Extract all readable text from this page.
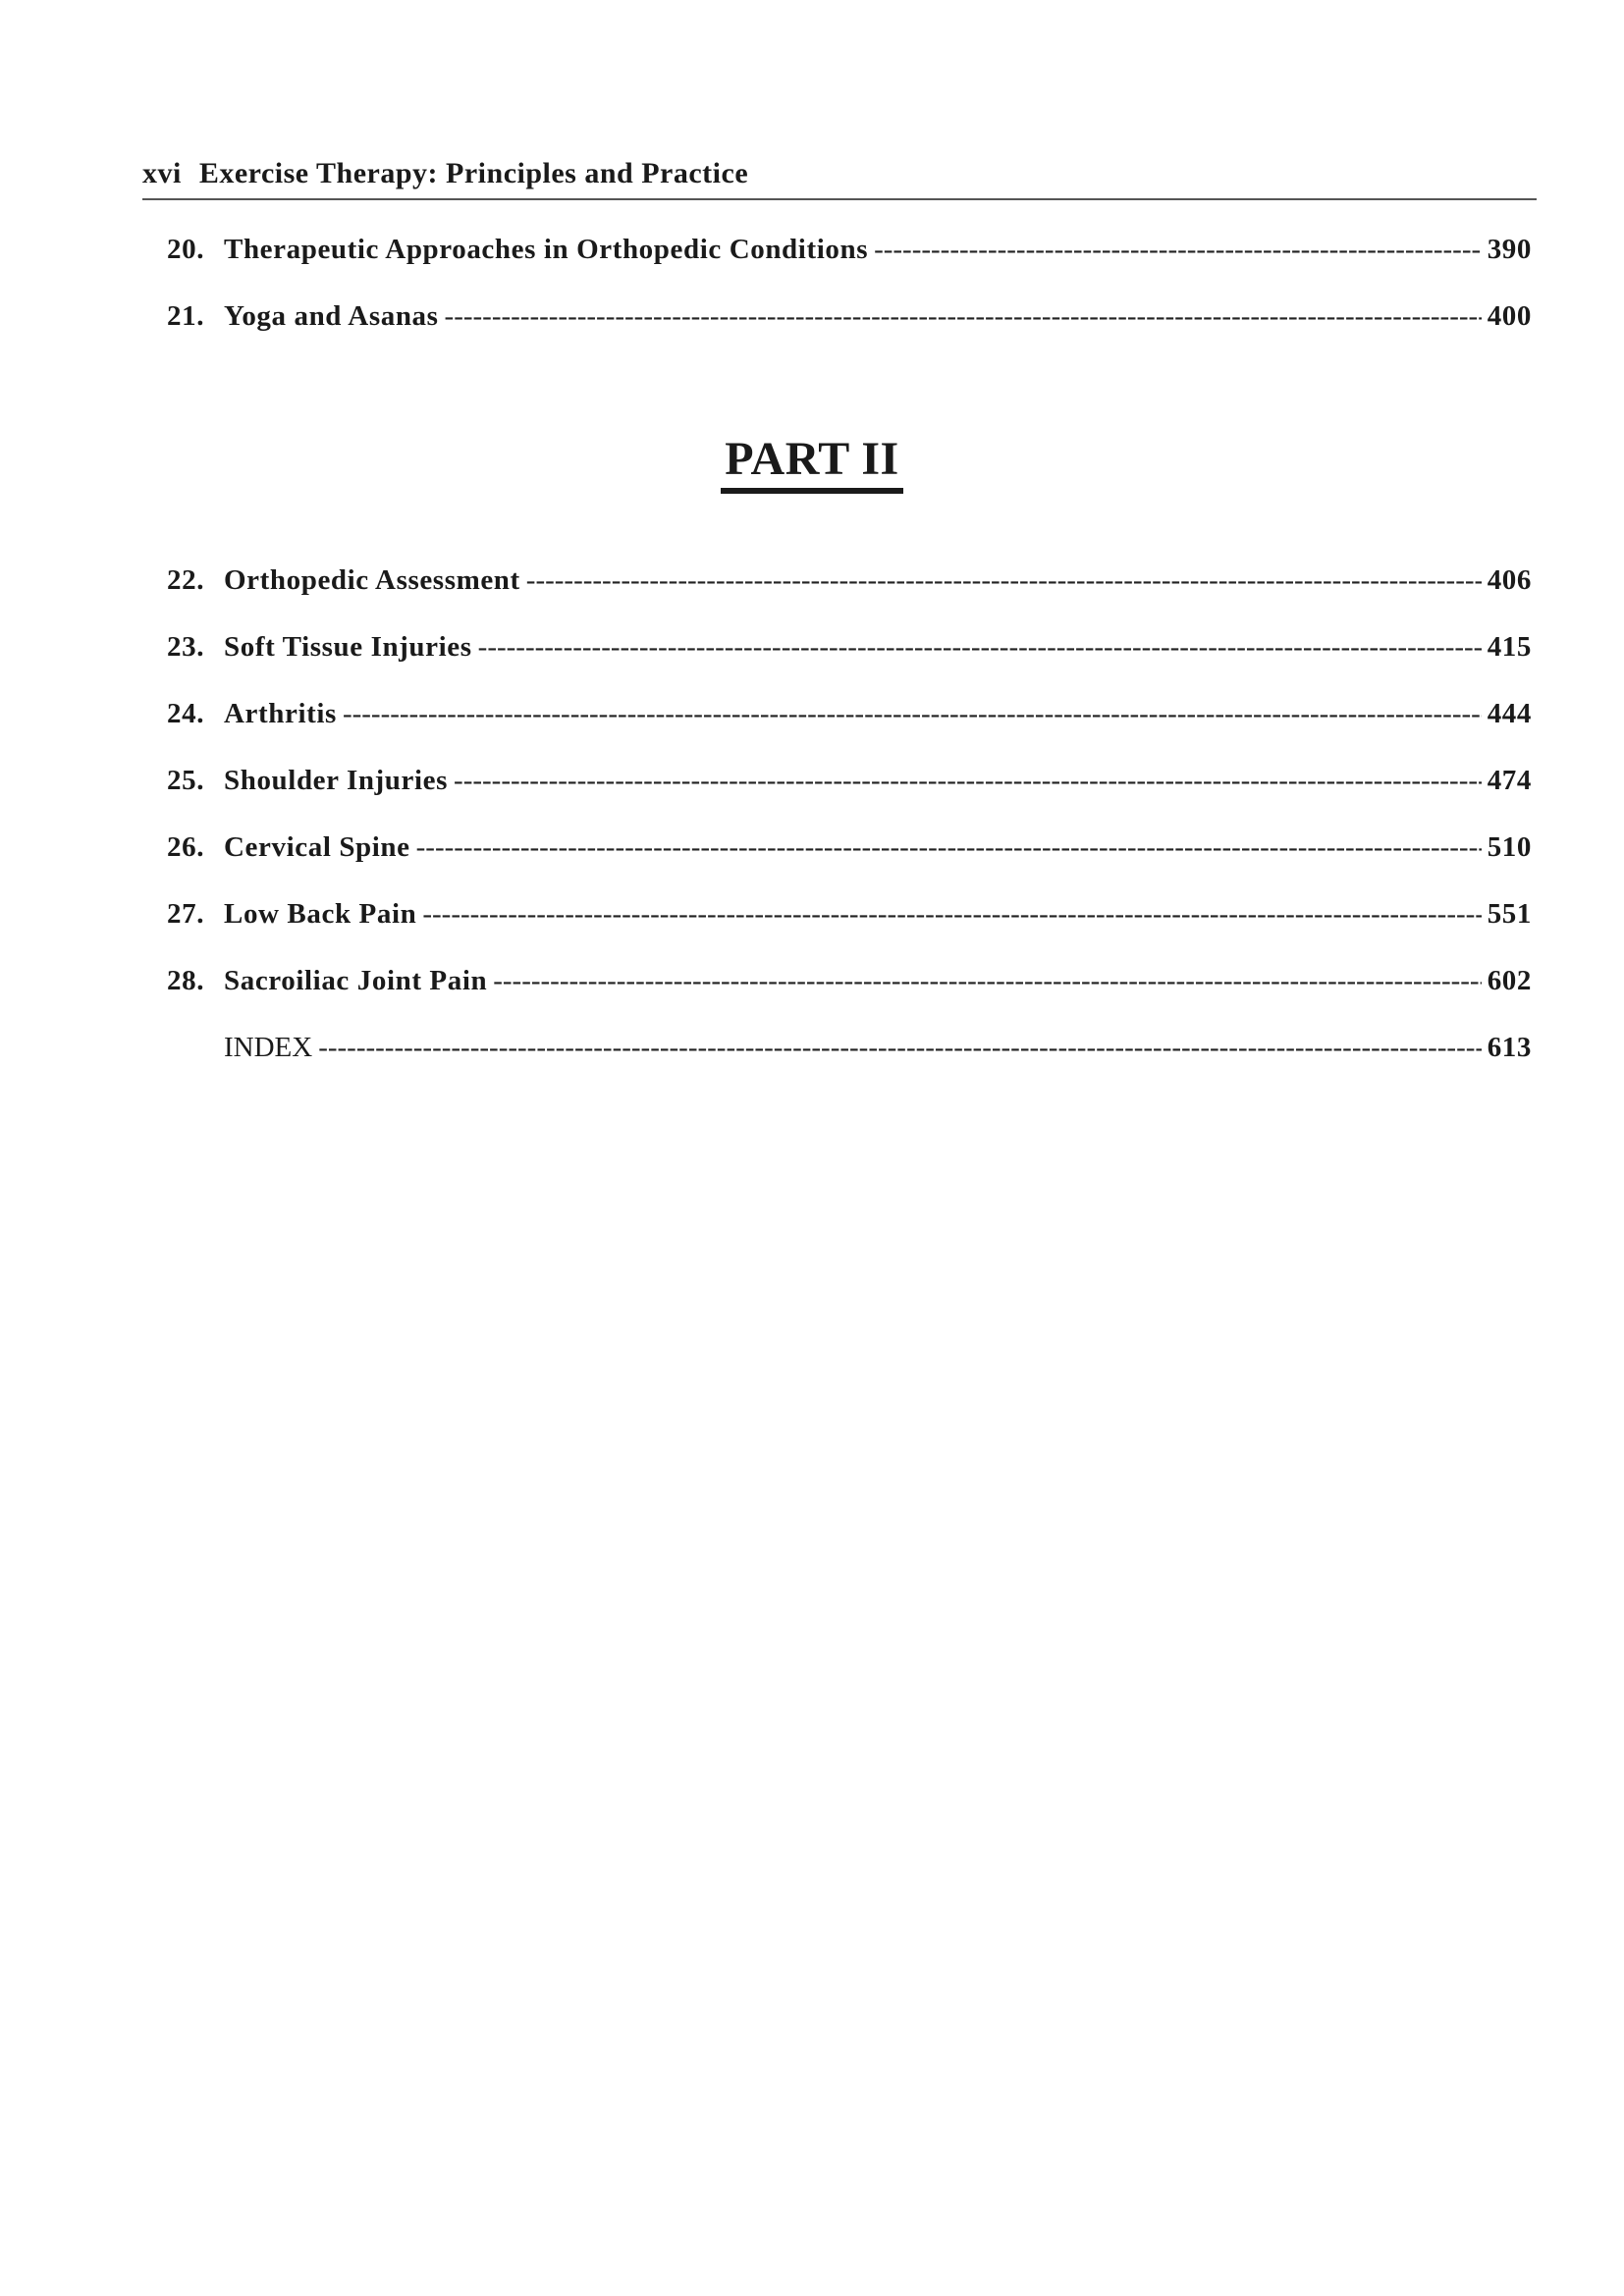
xvi Exercise Therapy: Principles and Practice
20. Therapeutic Approaches in Orthopedic Conditions -----	390
21. Yoga and Asanas -----	400
PART II
22. Orthopedic Assessment -----	406
23. Soft Tissue Injuries -----	415
24. Arthritis -----	444
25. Shoulder Injuries -----	474
26. Cervical Spine -----	510
27. Low Back Pain -----	551
28. Sacroiliac Joint Pain -----	602
INDEX -----	613
